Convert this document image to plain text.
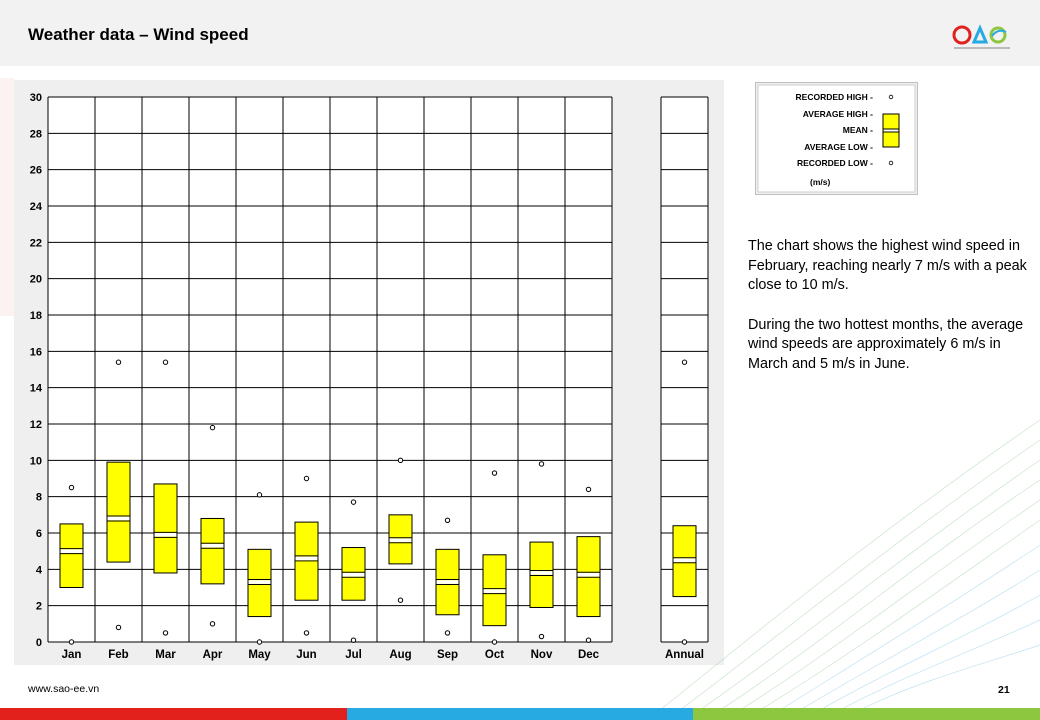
Weather data – Wind speed
0
2
4
6
8
10
12
14
16
18
20
22
24
26
28
30
Jan Feb Mar Apr May Jun Jul Aug Sep Oct Nov Dec	Annual
RECORDED HIGH -
AVERAGE HIGH -
MEAN -
AVERAGE LOW -
RECORDED LOW -
(m/s)

The chart shows the highest wind speed in February, reaching nearly 7 m/s with a peak close to 10 m/s.

During the two hottest months, the average wind speeds are approximately 6 m/s in March and 5 m/s in June.

www.sao-ee.vn	21
